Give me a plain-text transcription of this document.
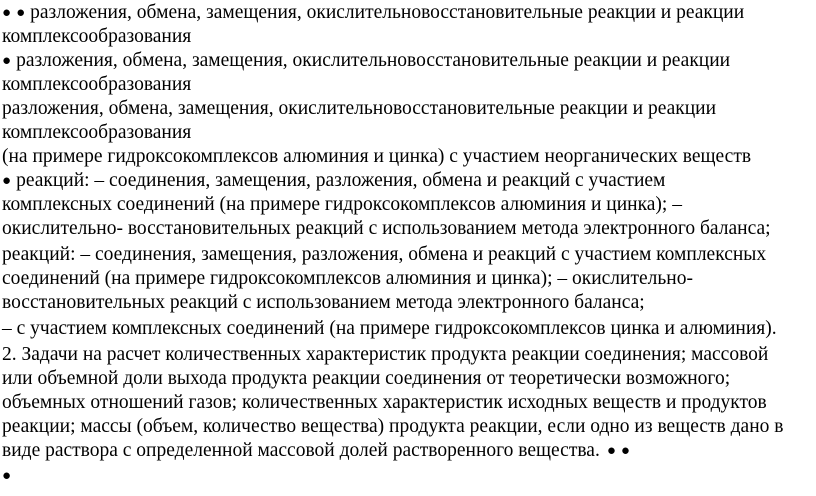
● ● разложения, обмена, замещения, окислительновосстановительные реакции и реакции
комплексообразования
● разложения, обмена, замещения, окислительновосстановительные реакции и реакции
комплексообразования
разложения, обмена, замещения, окислительновосстановительные реакции и реакции
комплексообразования
(на примере гидроксокомплексов алюминия и цинка) с участием неорганических веществ
● реакций: – соединения, замещения, разложения, обмена и реакций с участием
комплексных соединений (на примере гидроксокомплексов алюминия и цинка); –
окислительно- восстановительных реакций с использованием метода электронного баланса;
реакций: – соединения, замещения, разложения, обмена и реакций с участием комплексных
соединений (на примере гидроксокомплексов алюминия и цинка); – окислительно-
восстановительных реакций с использованием метода электронного баланса;
– с участием комплексных соединений (на примере гидроксокомплексов цинка и алюминия).
2. Задачи на расчет количественных характеристик продукта реакции соединения; массовой
или объемной доли выхода продукта реакции соединения от теоретически возможного;
объемных отношений газов; количественных характеристик исходных веществ и продуктов
реакции; массы (объем, количество вещества) продукта реакции, если одно из веществ дано в
виде раствора с определенной массовой долей растворенного вещества. ● ●
●
